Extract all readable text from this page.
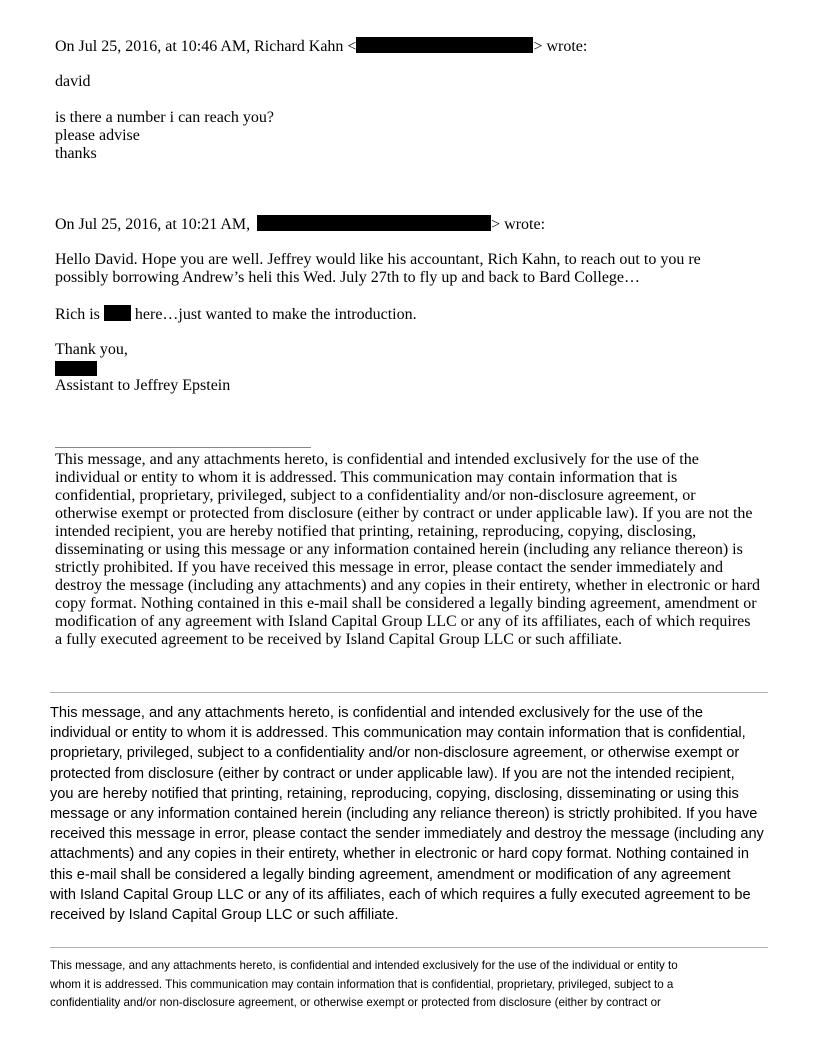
On Jul 25, 2016, at 10:46 AM, Richard Kahn <	> wrote:
david
is there a number i can reach you?
please advise
thanks
On Jul 25, 2016, at 10:21 AM,	> wrote:
Hello David. Hope you are well. Jeffrey would like his accountant, Rich Kahn, to reach out to you re
possibly borrowing Andrew’s heli this Wed. July 27th to fly up and back to Bard College…
Rich is here…just wanted to make the introduction.
Thank you,
Assistant to Jeffrey Epstein
This message, and any attachments hereto, is confidential and intended exclusively for the use of the
individual or entity to whom it is addressed. This communication may contain information that is
confidential, proprietary, privileged, subject to a confidentiality and/or non-disclosure agreement, or
otherwise exempt or protected from disclosure (either by contract or under applicable law). If you are not the
intended recipient, you are hereby notified that printing, retaining, reproducing, copying, disclosing,
disseminating or using this message or any information contained herein (including any reliance thereon) is
strictly prohibited. If you have received this message in error, please contact the sender immediately and
destroy the message (including any attachments) and any copies in their entirety, whether in electronic or hard
copy format. Nothing contained in this e-mail shall be considered a legally binding agreement, amendment or
modification of any agreement with Island Capital Group LLC or any of its affiliates, each of which requires
a fully executed agreement to be received by Island Capital Group LLC or such affiliate.
This message, and any attachments hereto, is confidential and intended exclusively for the use of the
individual or entity to whom it is addressed. This communication may contain information that is confidential,
proprietary, privileged, subject to a confidentiality and/or non-disclosure agreement, or otherwise exempt or
protected from disclosure (either by contract or under applicable law). If you are not the intended recipient,
you are hereby notified that printing, retaining, reproducing, copying, disclosing, disseminating or using this
message or any information contained herein (including any reliance thereon) is strictly prohibited. If you have
received this message in error, please contact the sender immediately and destroy the message (including any
attachments) and any copies in their entirety, whether in electronic or hard copy format. Nothing contained in
this e-mail shall be considered a legally binding agreement, amendment or modification of any agreement
with Island Capital Group LLC or any of its affiliates, each of which requires a fully executed agreement to be
received by Island Capital Group LLC or such affiliate.
This message, and any attachments hereto, is confidential and intended exclusively for the use of the individual or entity to
whom it is addressed. This communication may contain information that is confidential, proprietary, privileged, subject to a
confidentiality and/or non-disclosure agreement, or otherwise exempt or protected from disclosure (either by contract or
